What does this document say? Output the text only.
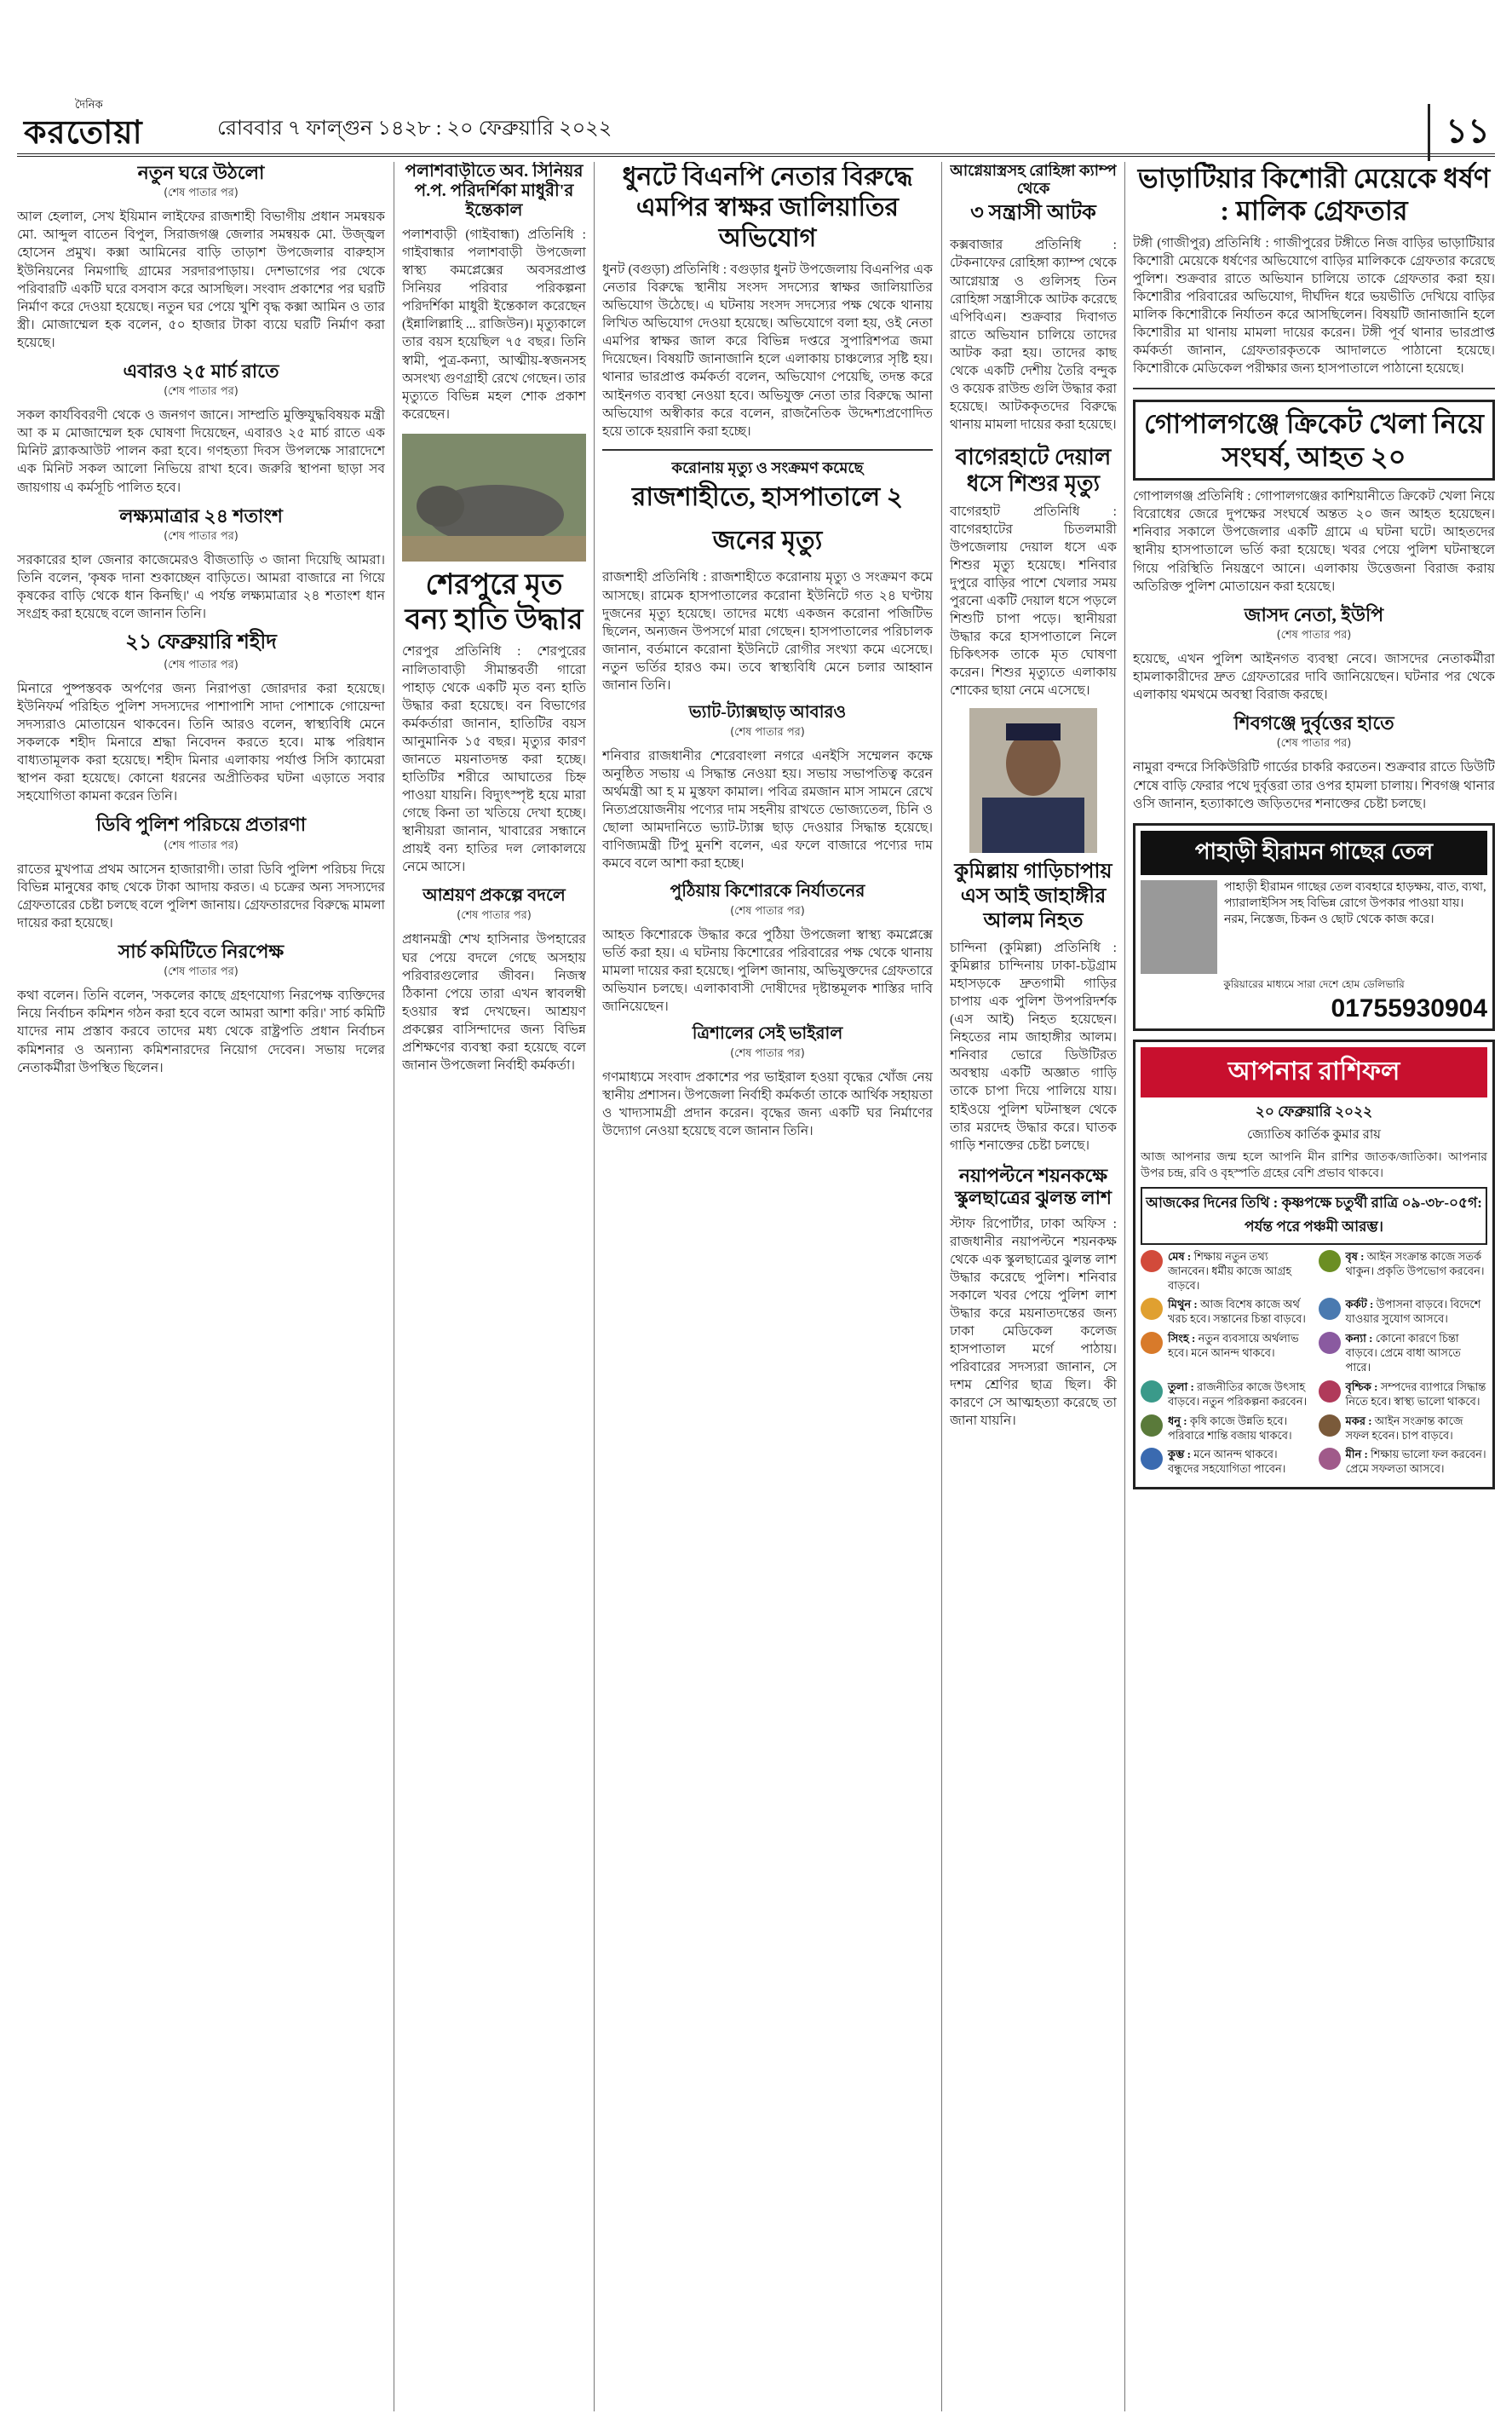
দৈনিক
করতোয়া	রোববার ৭ ফাল্গুন ১৪২৮ : ২০ ফেব্রুয়ারি ২০২২	১১
নতুন ঘরে উঠলো
(শেষ পাতার পর)
আল হেলাল, সেখ ইয়িমান লাইফের রাজশাহী বিভাগীয় প্রধান সমন্বয়ক মো. আব্দুল বাতেন বিপুল, সিরাজগঞ্জ জেলার সমন্বয়ক মো. উজ্জ্বল হোসেন প্রমুখ। কক্সা আমিনের বাড়ি তাড়াশ উপজেলার বারুহাস ইউনিয়নের নিমগাছি গ্রামের সরদারপাড়ায়। দেশভাগের পর থেকে পরিবারটি একটি ঘরে বসবাস করে আসছিল। সংবাদ প্রকাশের পর ঘরটি নির্মাণ করে দেওয়া হয়েছে। নতুন ঘর পেয়ে খুশি বৃদ্ধ কক্সা আমিন ও তার স্ত্রী। মোজাম্মেল হক বলেন, ৫০ হাজার টাকা ব্যয়ে ঘরটি নির্মাণ করা হয়েছে।
এবারও ২৫ মার্চ রাতে
(শেষ পাতার পর)
সকল কার্যবিবরণী থেকে ও জনগণ জানে। সাম্প্রতি মুক্তিযুদ্ধবিষয়ক মন্ত্রী আ ক ম মোজাম্মেল হক ঘোষণা দিয়েছেন, এবারও ২৫ মার্চ রাতে এক মিনিট ব্ল্যাকআউট পালন করা হবে। গণহত্যা দিবস উপলক্ষে সারাদেশে এক মিনিট সকল আলো নিভিয়ে রাখা হবে। জরুরি স্থাপনা ছাড়া সব জায়গায় এ কর্মসূচি পালিত হবে।
লক্ষ্যমাত্রার ২৪ শতাংশ
(শেষ পাতার পর)
সরকারের হাল জেনার কাজেমেরও বীজতাড়ি ৩ জানা দিয়েছি আমরা। তিনি বলেন, 'কৃষক দানা শুকাচ্ছেন বাড়িতে। আমরা বাজারে না গিয়ে কৃষকের বাড়ি থেকে ধান কিনছি।' এ পর্যন্ত লক্ষ্যমাত্রার ২৪ শতাংশ ধান সংগ্রহ করা হয়েছে বলে জানান তিনি।
২১ ফেব্রুয়ারি শহীদ
(শেষ পাতার পর)
মিনারে পুষ্পস্তবক অর্পণের জন্য নিরাপত্তা জোরদার করা হয়েছে। ইউনিফর্ম পরিহিত পুলিশ সদস্যদের পাশাপাশি সাদা পোশাকে গোয়েন্দা সদস্যরাও মোতায়েন থাকবেন। তিনি আরও বলেন, স্বাস্থ্যবিধি মেনে সকলকে শহীদ মিনারে শ্রদ্ধা নিবেদন করতে হবে। মাস্ক পরিধান বাধ্যতামূলক করা হয়েছে। শহীদ মিনার এলাকায় পর্যাপ্ত সিসি ক্যামেরা স্থাপন করা হয়েছে। কোনো ধরনের অপ্রীতিকর ঘটনা এড়াতে সবার সহযোগিতা কামনা করেন তিনি।
ডিবি পুলিশ পরিচয়ে প্রতারণা
(শেষ পাতার পর)
রাতের মুখপাত্র প্রথম আসেন হাজারাগী। তারা ডিবি পুলিশ পরিচয় দিয়ে বিভিন্ন মানুষের কাছ থেকে টাকা আদায় করত। এ চক্রের অন্য সদস্যদের গ্রেফতারের চেষ্টা চলছে বলে পুলিশ জানায়। গ্রেফতারদের বিরুদ্ধে মামলা দায়ের করা হয়েছে।
সার্চ কমিটিতে নিরপেক্ষ
(শেষ পাতার পর)
কথা বলেন। তিনি বলেন, 'সকলের কাছে গ্রহণযোগ্য নিরপেক্ষ ব্যক্তিদের নিয়ে নির্বাচন কমিশন গঠন করা হবে বলে আমরা আশা করি।' সার্চ কমিটি যাদের নাম প্রস্তাব করবে তাদের মধ্য থেকে রাষ্ট্রপতি প্রধান নির্বাচন কমিশনার ও অন্যান্য কমিশনারদের নিয়োগ দেবেন। সভায় দলের নেতাকর্মীরা উপস্থিত ছিলেন।
পলাশবাড়ীতে অব. সিনিয়র প.প. পরিদর্শিকা মাধুরী'র ইন্তেকাল
পলাশবাড়ী (গাইবান্ধা) প্রতিনিধি : গাইবান্ধার পলাশবাড়ী উপজেলা স্বাস্থ্য কমপ্লেক্সের অবসরপ্রাপ্ত সিনিয়র পরিবার পরিকল্পনা পরিদর্শিকা মাধুরী ইন্তেকাল করেছেন (ইন্নালিল্লাহি ... রাজিউন)। মৃত্যুকালে তার বয়স হয়েছিল ৭৫ বছর। তিনি স্বামী, পুত্র-কন্যা, আত্মীয়-স্বজনসহ অসংখ্য গুণগ্রাহী রেখে গেছেন। তার মৃত্যুতে বিভিন্ন মহল শোক প্রকাশ করেছেন।
শেরপুরে মৃত বন্য হাতি উদ্ধার
শেরপুর প্রতিনিধি : শেরপুরের নালিতাবাড়ী সীমান্তবর্তী গারো পাহাড় থেকে একটি মৃত বন্য হাতি উদ্ধার করা হয়েছে। বন বিভাগের কর্মকর্তারা জানান, হাতিটির বয়স আনুমানিক ১৫ বছর। মৃত্যুর কারণ জানতে ময়নাতদন্ত করা হচ্ছে। হাতিটির শরীরে আঘাতের চিহ্ন পাওয়া যায়নি। বিদ্যুৎস্পৃষ্ট হয়ে মারা গেছে কিনা তা খতিয়ে দেখা হচ্ছে। স্থানীয়রা জানান, খাবারের সন্ধানে প্রায়ই বন্য হাতির দল লোকালয়ে নেমে আসে।
আশ্রয়ণ প্রকল্পে বদলে
(শেষ পাতার পর)
প্রধানমন্ত্রী শেখ হাসিনার উপহারের ঘর পেয়ে বদলে গেছে অসহায় পরিবারগুলোর জীবন। নিজস্ব ঠিকানা পেয়ে তারা এখন স্বাবলম্বী হওয়ার স্বপ্ন দেখছেন। আশ্রয়ণ প্রকল্পের বাসিন্দাদের জন্য বিভিন্ন প্রশিক্ষণের ব্যবস্থা করা হয়েছে বলে জানান উপজেলা নির্বাহী কর্মকর্তা।
ধুনটে বিএনপি নেতার বিরুদ্ধে এমপির স্বাক্ষর জালিয়াতির অভিযোগ
ধুনট (বগুড়া) প্রতিনিধি : বগুড়ার ধুনট উপজেলায় বিএনপির এক নেতার বিরুদ্ধে স্থানীয় সংসদ সদস্যের স্বাক্ষর জালিয়াতির অভিযোগ উঠেছে। এ ঘটনায় সংসদ সদস্যের পক্ষ থেকে থানায় লিখিত অভিযোগ দেওয়া হয়েছে। অভিযোগে বলা হয়, ওই নেতা এমপির স্বাক্ষর জাল করে বিভিন্ন দপ্তরে সুপারিশপত্র জমা দিয়েছেন। বিষয়টি জানাজানি হলে এলাকায় চাঞ্চল্যের সৃষ্টি হয়। থানার ভারপ্রাপ্ত কর্মকর্তা বলেন, অভিযোগ পেয়েছি, তদন্ত করে আইনগত ব্যবস্থা নেওয়া হবে। অভিযুক্ত নেতা তার বিরুদ্ধে আনা অভিযোগ অস্বীকার করে বলেন, রাজনৈতিক উদ্দেশ্যপ্রণোদিত হয়ে তাকে হয়রানি করা হচ্ছে।
করোনায় মৃত্যু ও সংক্রমণ কমেছে
রাজশাহীতে, হাসপাতালে ২ জনের মৃত্যু
রাজশাহী প্রতিনিধি : রাজশাহীতে করোনায় মৃত্যু ও সংক্রমণ কমে আসছে। রামেক হাসপাতালের করোনা ইউনিটে গত ২৪ ঘণ্টায় দুজনের মৃত্যু হয়েছে। তাদের মধ্যে একজন করোনা পজিটিভ ছিলেন, অন্যজন উপসর্গে মারা গেছেন। হাসপাতালের পরিচালক জানান, বর্তমানে করোনা ইউনিটে রোগীর সংখ্যা কমে এসেছে। নতুন ভর্তির হারও কম। তবে স্বাস্থ্যবিধি মেনে চলার আহ্বান জানান তিনি।
ভ্যাট-ট্যাক্সছাড় আবারও
(শেষ পাতার পর)
শনিবার রাজধানীর শেরেবাংলা নগরে এনইসি সম্মেলন কক্ষে অনুষ্ঠিত সভায় এ সিদ্ধান্ত নেওয়া হয়। সভায় সভাপতিত্ব করেন অর্থমন্ত্রী আ হ ম মুস্তফা কামাল। পবিত্র রমজান মাস সামনে রেখে নিত্যপ্রয়োজনীয় পণ্যের দাম সহনীয় রাখতে ভোজ্যতেল, চিনি ও ছোলা আমদানিতে ভ্যাট-ট্যাক্স ছাড় দেওয়ার সিদ্ধান্ত হয়েছে। বাণিজ্যমন্ত্রী টিপু মুনশি বলেন, এর ফলে বাজারে পণ্যের দাম কমবে বলে আশা করা হচ্ছে।
পুঠিয়ায় কিশোরকে নির্যাতনের
(শেষ পাতার পর)
আহত কিশোরকে উদ্ধার করে পুঠিয়া উপজেলা স্বাস্থ্য কমপ্লেক্সে ভর্তি করা হয়। এ ঘটনায় কিশোরের পরিবারের পক্ষ থেকে থানায় মামলা দায়ের করা হয়েছে। পুলিশ জানায়, অভিযুক্তদের গ্রেফতারে অভিযান চলছে। এলাকাবাসী দোষীদের দৃষ্টান্তমূলক শাস্তির দাবি জানিয়েছেন।
ত্রিশালের সেই ভাইরাল
(শেষ পাতার পর)
গণমাধ্যমে সংবাদ প্রকাশের পর ভাইরাল হওয়া বৃদ্ধের খোঁজ নেয় স্থানীয় প্রশাসন। উপজেলা নির্বাহী কর্মকর্তা তাকে আর্থিক সহায়তা ও খাদ্যসামগ্রী প্রদান করেন। বৃদ্ধের জন্য একটি ঘর নির্মাণের উদ্যোগ নেওয়া হয়েছে বলে জানান তিনি।
আগ্নেয়াস্ত্রসহ রোহিঙ্গা ক্যাম্প থেকে
৩ সন্ত্রাসী আটক
কক্সবাজার প্রতিনিধি : টেকনাফের রোহিঙ্গা ক্যাম্প থেকে আগ্নেয়াস্ত্র ও গুলিসহ তিন রোহিঙ্গা সন্ত্রাসীকে আটক করেছে এপিবিএন। শুক্রবার দিবাগত রাতে অভিযান চালিয়ে তাদের আটক করা হয়। তাদের কাছ থেকে একটি দেশীয় তৈরি বন্দুক ও কয়েক রাউন্ড গুলি উদ্ধার করা হয়েছে। আটককৃতদের বিরুদ্ধে থানায় মামলা দায়ের করা হয়েছে।
বাগেরহাটে দেয়াল ধসে শিশুর মৃত্যু
বাগেরহাট প্রতিনিধি : বাগেরহাটের চিতলমারী উপজেলায় দেয়াল ধসে এক শিশুর মৃত্যু হয়েছে। শনিবার দুপুরে বাড়ির পাশে খেলার সময় পুরনো একটি দেয়াল ধসে পড়লে শিশুটি চাপা পড়ে। স্থানীয়রা উদ্ধার করে হাসপাতালে নিলে চিকিৎসক তাকে মৃত ঘোষণা করেন। শিশুর মৃত্যুতে এলাকায় শোকের ছায়া নেমে এসেছে।
কুমিল্লায় গাড়িচাপায় এস আই জাহাঙ্গীর আলম নিহত
চান্দিনা (কুমিল্লা) প্রতিনিধি : কুমিল্লার চান্দিনায় ঢাকা-চট্টগ্রাম মহাসড়কে দ্রুতগামী গাড়ির চাপায় এক পুলিশ উপপরিদর্শক (এস আই) নিহত হয়েছেন। নিহতের নাম জাহাঙ্গীর আলম। শনিবার ভোরে ডিউটিরত অবস্থায় একটি অজ্ঞাত গাড়ি তাকে চাপা দিয়ে পালিয়ে যায়। হাইওয়ে পুলিশ ঘটনাস্থল থেকে তার মরদেহ উদ্ধার করে। ঘাতক গাড়ি শনাক্তের চেষ্টা চলছে।
নয়াপল্টনে শয়নকক্ষে স্কুলছাত্রের ঝুলন্ত লাশ
স্টাফ রিপোর্টার, ঢাকা অফিস : রাজধানীর নয়াপল্টনে শয়নকক্ষ থেকে এক স্কুলছাত্রের ঝুলন্ত লাশ উদ্ধার করেছে পুলিশ। শনিবার সকালে খবর পেয়ে পুলিশ লাশ উদ্ধার করে ময়নাতদন্তের জন্য ঢাকা মেডিকেল কলেজ হাসপাতাল মর্গে পাঠায়। পরিবারের সদস্যরা জানান, সে দশম শ্রেণির ছাত্র ছিল। কী কারণে সে আত্মহত্যা করেছে তা জানা যায়নি।
ভাড়াটিয়ার কিশোরী মেয়েকে ধর্ষণ : মালিক গ্রেফতার
টঙ্গী (গাজীপুর) প্রতিনিধি : গাজীপুরের টঙ্গীতে নিজ বাড়ির ভাড়াটিয়ার কিশোরী মেয়েকে ধর্ষণের অভিযোগে বাড়ির মালিককে গ্রেফতার করেছে পুলিশ। শুক্রবার রাতে অভিযান চালিয়ে তাকে গ্রেফতার করা হয়। কিশোরীর পরিবারের অভিযোগ, দীর্ঘদিন ধরে ভয়ভীতি দেখিয়ে বাড়ির মালিক কিশোরীকে নির্যাতন করে আসছিলেন। বিষয়টি জানাজানি হলে কিশোরীর মা থানায় মামলা দায়ের করেন। টঙ্গী পূর্ব থানার ভারপ্রাপ্ত কর্মকর্তা জানান, গ্রেফতারকৃতকে আদালতে পাঠানো হয়েছে। কিশোরীকে মেডিকেল পরীক্ষার জন্য হাসপাতালে পাঠানো হয়েছে।
গোপালগঞ্জে ক্রিকেট খেলা নিয়ে সংঘর্ষ, আহত ২০
গোপালগঞ্জ প্রতিনিধি : গোপালগঞ্জের কাশিয়ানীতে ক্রিকেট খেলা নিয়ে বিরোধের জেরে দুপক্ষের সংঘর্ষে অন্তত ২০ জন আহত হয়েছেন। শনিবার সকালে উপজেলার একটি গ্রামে এ ঘটনা ঘটে। আহতদের স্থানীয় হাসপাতালে ভর্তি করা হয়েছে। খবর পেয়ে পুলিশ ঘটনাস্থলে গিয়ে পরিস্থিতি নিয়ন্ত্রণে আনে। এলাকায় উত্তেজনা বিরাজ করায় অতিরিক্ত পুলিশ মোতায়েন করা হয়েছে।
জাসদ নেতা, ইউপি
(শেষ পাতার পর)
হয়েছে, এখন পুলিশ আইনগত ব্যবস্থা নেবে। জাসদের নেতাকর্মীরা হামলাকারীদের দ্রুত গ্রেফতারের দাবি জানিয়েছেন। ঘটনার পর থেকে এলাকায় থমথমে অবস্থা বিরাজ করছে।
শিবগঞ্জে দুর্বৃত্তের হাতে
(শেষ পাতার পর)
নামুরা বন্দরে সিকিউরিটি গার্ডের চাকরি করতেন। শুক্রবার রাতে ডিউটি শেষে বাড়ি ফেরার পথে দুর্বৃত্তরা তার ওপর হামলা চালায়। শিবগঞ্জ থানার ওসি জানান, হত্যাকাণ্ডে জড়িতদের শনাক্তের চেষ্টা চলছে।
পাহাড়ী হীরামন গাছের তেল
পাহাড়ী হীরামন গাছের তেল ব্যবহারে হাড়ক্ষয়, বাত, ব্যথা, প্যারালাইসিস সহ বিভিন্ন রোগে উপকার পাওয়া যায়। নরম, নিস্তেজ, চিকন ও ছোট থেকে কাজ করে।
কুরিয়ারের মাধ্যমে সারা দেশে হোম ডেলিভারি
01755930904
আপনার রাশিফল
২০ ফেব্রুয়ারি ২০২২
জ্যোতিষ কার্তিক কুমার রায়
আজ আপনার জন্ম হলে আপনি মীন রাশির জাতক/জাতিকা। আপনার উপর চন্দ্র, রবি ও বৃহস্পতি গ্রহের বেশি প্রভাব থাকবে।
আজকের দিনের তিথি : কৃষ্ণপক্ষে চতুর্থী রাত্রি ০৯-৩৮-০৫গ: পর্যন্ত পরে পঞ্চমী আরম্ভ।
মেষ : শিক্ষায় নতুন তথ্য জানবেন। ধর্মীয় কাজে আগ্রহ বাড়বে।
বৃষ : আইন সংক্রান্ত কাজে সতর্ক থাকুন। প্রকৃতি উপভোগ করবেন।
মিথুন : আজ বিশেষ কাজে অর্থ খরচ হবে। সন্তানের চিন্তা বাড়বে।
কর্কট : উপাসনা বাড়বে। বিদেশে যাওয়ার সুযোগ আসবে।
সিংহ : নতুন ব্যবসায়ে অর্থলাভ হবে। মনে আনন্দ থাকবে।
কন্যা : কোনো কারণে চিন্তা বাড়বে। প্রেমে বাধা আসতে পারে।
তুলা : রাজনীতির কাজে উৎসাহ বাড়বে। নতুন পরিকল্পনা করবেন।
বৃশ্চিক : সম্পদের ব্যাপারে সিদ্ধান্ত নিতে হবে। স্বাস্থ্য ভালো থাকবে।
ধনু : কৃষি কাজে উন্নতি হবে। পরিবারে শান্তি বজায় থাকবে।
মকর : আইন সংক্রান্ত কাজে সফল হবেন। চাপ বাড়বে।
কুম্ভ : মনে আনন্দ থাকবে। বন্ধুদের সহযোগিতা পাবেন।
মীন : শিক্ষায় ভালো ফল করবেন। প্রেমে সফলতা আসবে।
